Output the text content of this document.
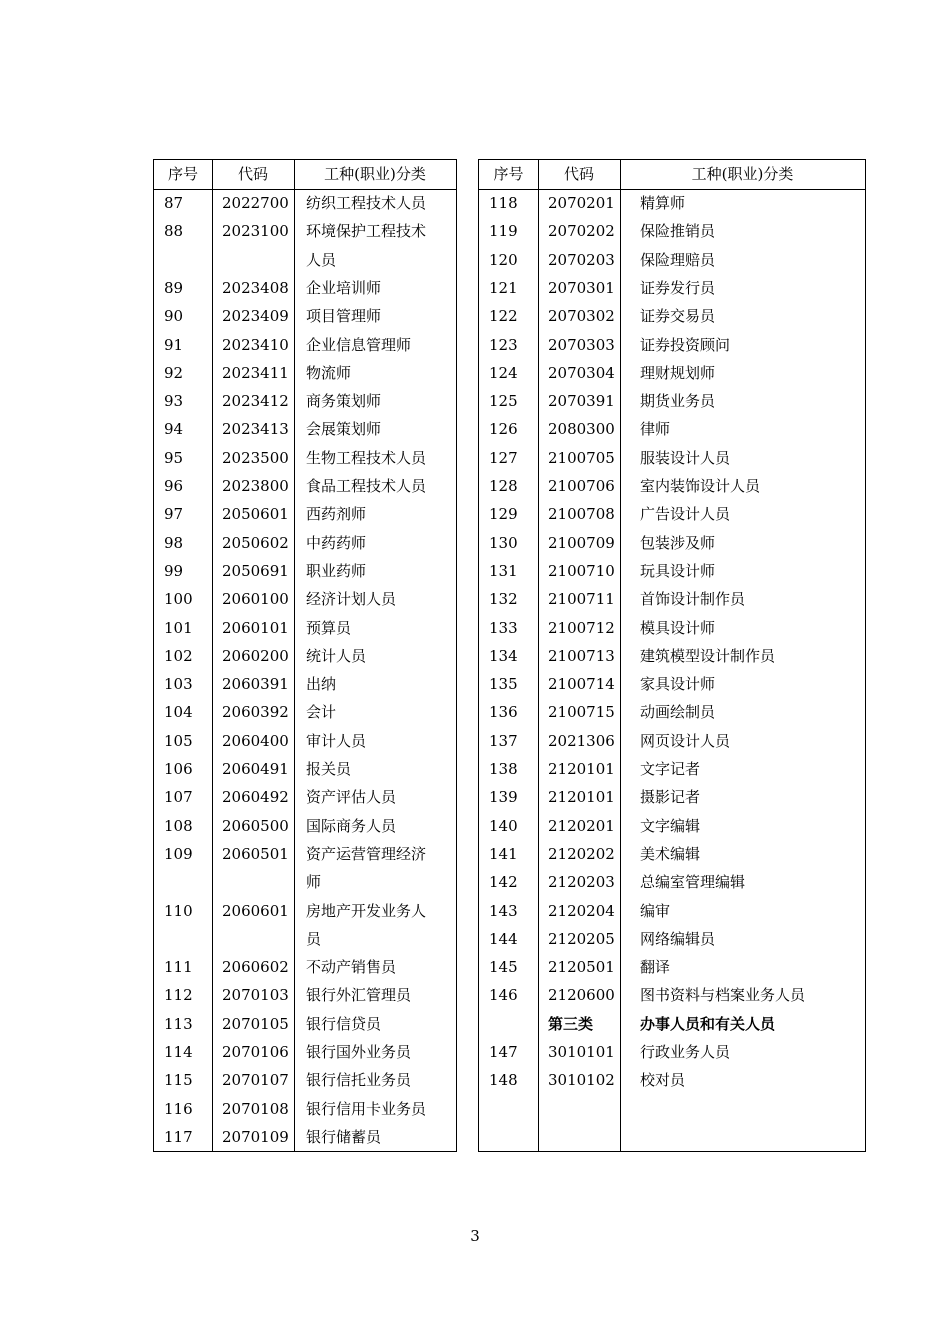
序号	代码	工种(职业)分类
87	2022700 纺织工程技术人员
88	2023100 环境保护工程技术
人员
89	2023408 企业培训师
90	2023409 项目管理师
91	2023410 企业信息管理师
92	2023411 物流师
93	2023412 商务策划师
94	2023413 会展策划师
95	2023500 生物工程技术人员
96	2023800 食品工程技术人员
97	2050601 西药剂师
98	2050602 中药药师
99	2050691 职业药师
100 2060100 经济计划人员
101 2060101 预算员
102 2060200 统计人员
103 2060391 出纳
104 2060392 会计
105 2060400 审计人员
106 2060491 报关员
107 2060492 资产评估人员
108 2060500 国际商务人员
109 2060501 资产运营管理经济
师
110 2060601 房地产开发业务人
员
111 2060602 不动产销售员
112 2070103 银行外汇管理员
113 2070105 银行信贷员
114 2070106 银行国外业务员
115 2070107 银行信托业务员
116 2070108 银行信用卡业务员
117 2070109 银行储蓄员
序号	代码	工种(职业)分类
118 2070201 精算师
119 2070202 保险推销员
120 2070203 保险理赔员
121 2070301 证券发行员
122 2070302 证券交易员
123 2070303 证券投资顾问
124 2070304 理财规划师
125 2070391 期货业务员
126 2080300 律师
127 2100705 服装设计人员
128 2100706 室内装饰设计人员
129 2100708 广告设计人员
130 2100709 包装涉及师
131 2100710 玩具设计师
132 2100711 首饰设计制作员
133 2100712 模具设计师
134 2100713 建筑模型设计制作员
135 2100714 家具设计师
136 2100715 动画绘制员
137 2021306 网页设计人员
138 2120101 文字记者
139 2120101 摄影记者
140 2120201 文字编辑
141 2120202 美术编辑
142 2120203 总编室管理编辑
143 2120204 编审
144 2120205 网络编辑员
145 2120501 翻译
146 2120600 图书资料与档案业务人员
第三类	办事人员和有关人员
147 3010101 行政业务人员
148 3010102 校对员
3
